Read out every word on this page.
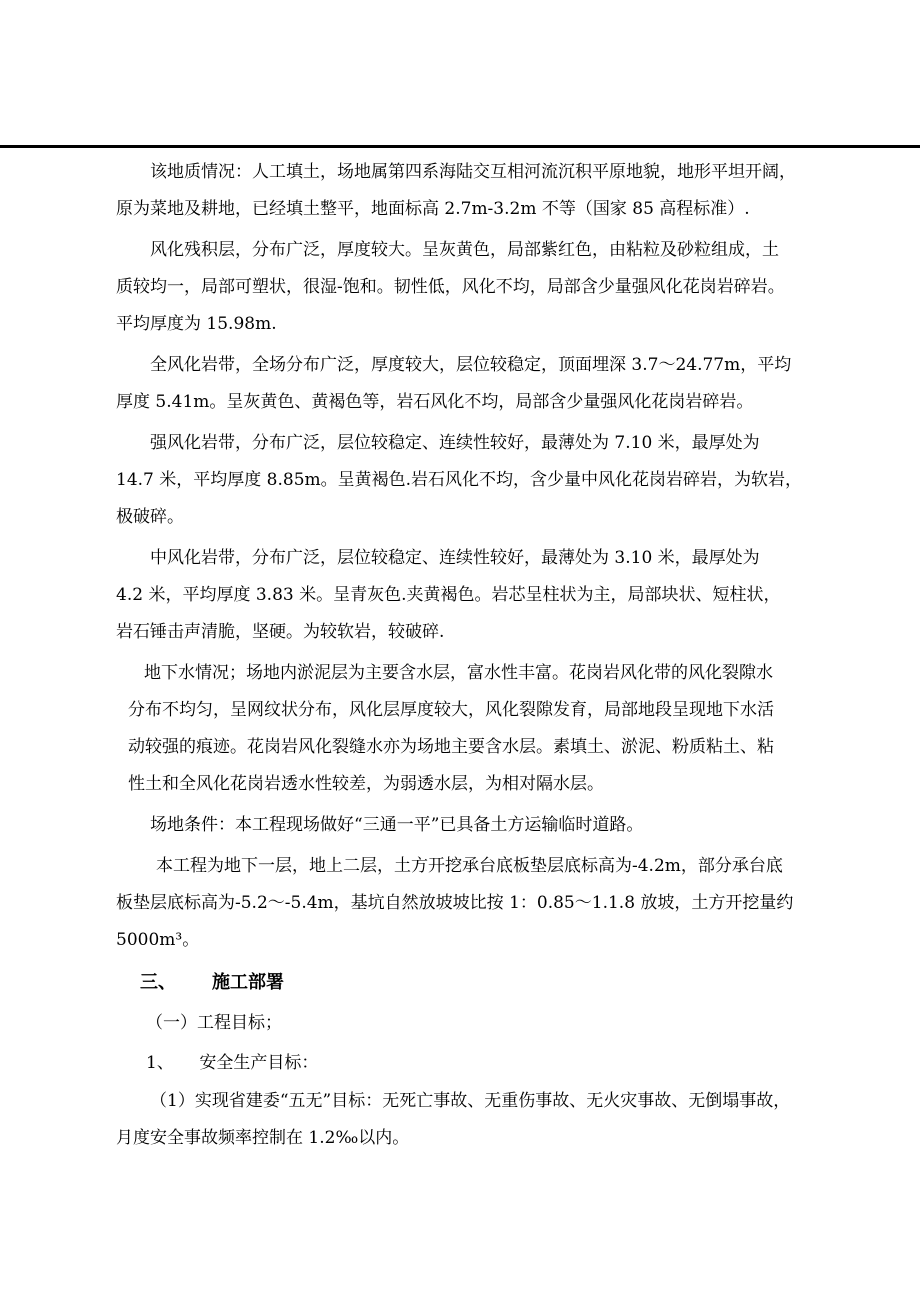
该地质情况：人工填土，场地属第四系海陆交互相河流沉积平原地貌，地形平坦开阔，
原为菜地及耕地，已经填土整平，地面标高 2.7m-3.2m 不等（国家 85 高程标准）.
风化残积层，分布广泛，厚度较大。呈灰黄色，局部紫红色，由粘粒及砂粒组成，土
质较均一，局部可塑状，很湿-饱和。韧性低，风化不均，局部含少量强风化花岗岩碎岩。
平均厚度为 15.98m.
全风化岩带，全场分布广泛，厚度较大，层位较稳定，顶面埋深 3.7～24.77m，平均
厚度 5.41m。呈灰黄色、黄褐色等，岩石风化不均，局部含少量强风化花岗岩碎岩。
强风化岩带，分布广泛，层位较稳定、连续性较好，最薄处为 7.10 米，最厚处为
14.7 米，平均厚度 8.85m。呈黄褐色.岩石风化不均，含少量中风化花岗岩碎岩，为软岩，
极破碎。
中风化岩带，分布广泛，层位较稳定、连续性较好，最薄处为 3.10 米，最厚处为
4.2 米，平均厚度 3.83 米。呈青灰色.夹黄褐色。岩芯呈柱状为主，局部块状、短柱状，
岩石锤击声清脆，坚硬。为较软岩，较破碎.
地下水情况；场地内淤泥层为主要含水层，富水性丰富。花岗岩风化带的风化裂隙水
分布不均匀，呈网纹状分布，风化层厚度较大，风化裂隙发育，局部地段呈现地下水活
动较强的痕迹。花岗岩风化裂缝水亦为场地主要含水层。素填土、淤泥、粉质粘土、粘
性土和全风化花岗岩透水性较差，为弱透水层，为相对隔水层。
场地条件：本工程现场做好“三通一平”已具备土方运输临时道路。
本工程为地下一层，地上二层，土方开挖承台底板垫层底标高为-4.2m，部分承台底
板垫层底标高为-5.2～-5.4m，基坑自然放坡坡比按 1：0.85～1.1.8 放坡，土方开挖量约
5000m³。
三、 施工部署
（一）工程目标；
1、　　安全生产目标：
（1）实现省建委“五无”目标：无死亡事故、无重伤事故、无火灾事故、无倒塌事故，
月度安全事故频率控制在 1.2‰以内。
